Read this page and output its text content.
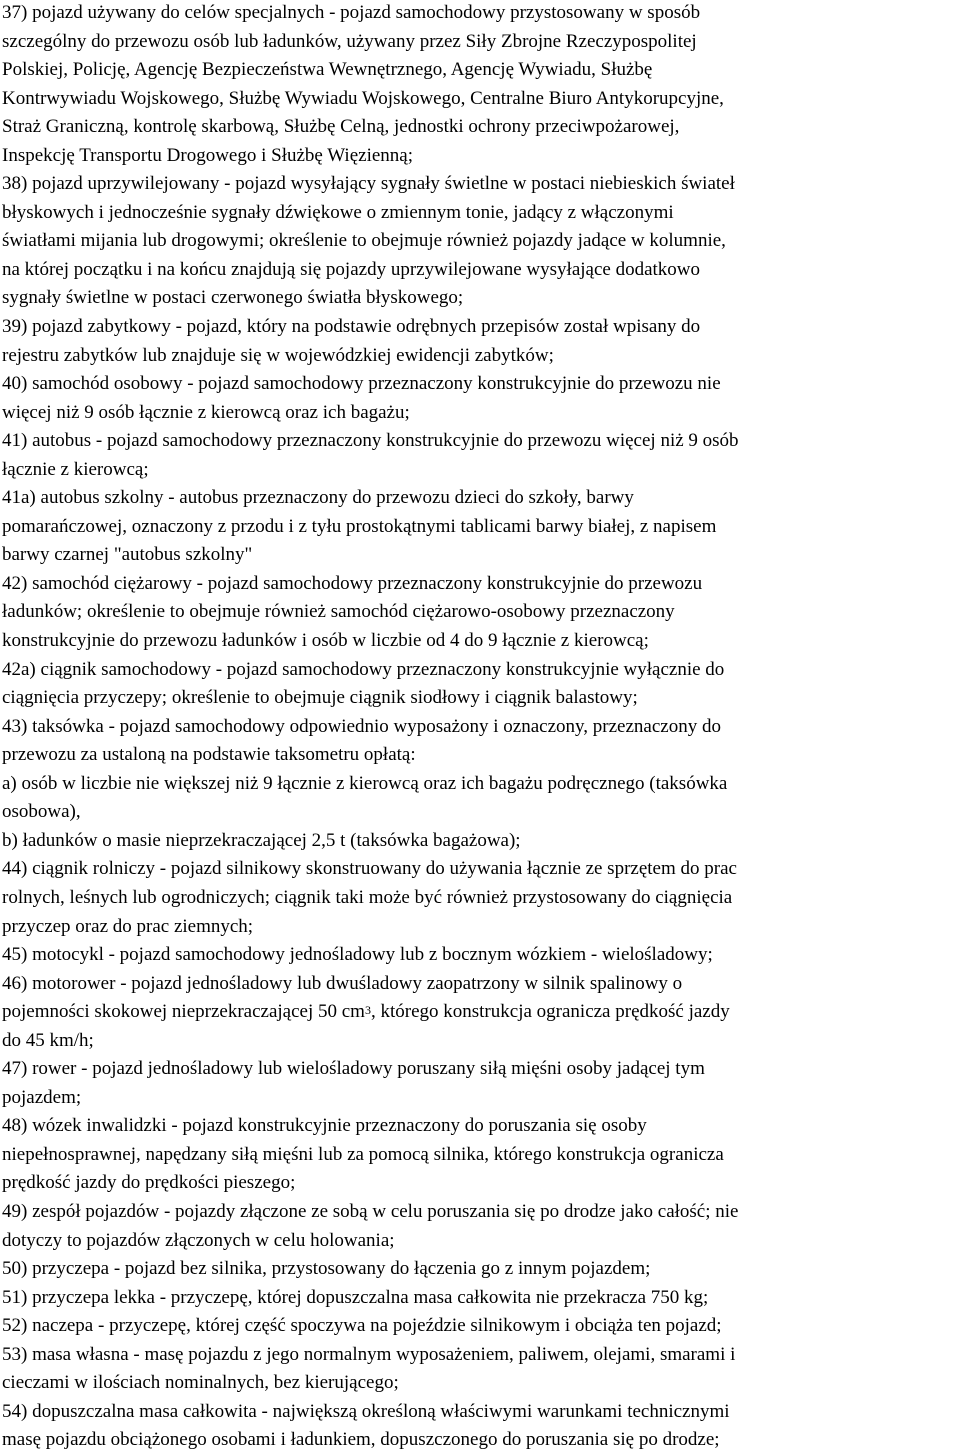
37) pojazd używany do celów specjalnych - pojazd samochodowy przystosowany w sposób
szczególny do przewozu osób lub ładunków, używany przez Siły Zbrojne Rzeczypospolitej
Polskiej, Policję, Agencję Bezpieczeństwa Wewnętrznego, Agencję Wywiadu, Służbę
Kontrwywiadu Wojskowego, Służbę Wywiadu Wojskowego, Centralne Biuro Antykorupcyjne,
Straż Graniczną, kontrolę skarbową, Służbę Celną, jednostki ochrony przeciwpożarowej,
Inspekcję Transportu Drogowego i Służbę Więzienną;
38) pojazd uprzywilejowany - pojazd wysyłający sygnały świetlne w postaci niebieskich świateł
błyskowych i jednocześnie sygnały dźwiękowe o zmiennym tonie, jadący z włączonymi
światłami mijania lub drogowymi; określenie to obejmuje również pojazdy jadące w kolumnie,
na której początku i na końcu znajdują się pojazdy uprzywilejowane wysyłające dodatkowo
sygnały świetlne w postaci czerwonego światła błyskowego;
39) pojazd zabytkowy - pojazd, który na podstawie odrębnych przepisów został wpisany do
rejestru zabytków lub znajduje się w wojewódzkiej ewidencji zabytków;
40) samochód osobowy - pojazd samochodowy przeznaczony konstrukcyjnie do przewozu nie
więcej niż 9 osób łącznie z kierowcą oraz ich bagażu;
41) autobus - pojazd samochodowy przeznaczony konstrukcyjnie do przewozu więcej niż 9 osób
łącznie z kierowcą;
41a) autobus szkolny - autobus przeznaczony do przewozu dzieci do szkoły, barwy
pomarańczowej, oznaczony z przodu i z tyłu prostokątnymi tablicami barwy białej, z napisem
barwy czarnej "autobus szkolny"
42) samochód ciężarowy - pojazd samochodowy przeznaczony konstrukcyjnie do przewozu
ładunków; określenie to obejmuje również samochód ciężarowo-osobowy przeznaczony
konstrukcyjnie do przewozu ładunków i osób w liczbie od 4 do 9 łącznie z kierowcą;
42a) ciągnik samochodowy - pojazd samochodowy przeznaczony konstrukcyjnie wyłącznie do
ciągnięcia przyczepy; określenie to obejmuje ciągnik siodłowy i ciągnik balastowy;
43) taksówka - pojazd samochodowy odpowiednio wyposażony i oznaczony, przeznaczony do
przewozu za ustaloną na podstawie taksometru opłatą:
a) osób w liczbie nie większej niż 9 łącznie z kierowcą oraz ich bagażu podręcznego (taksówka
osobowa),
b) ładunków o masie nieprzekraczającej 2,5 t (taksówka bagażowa);
44) ciągnik rolniczy - pojazd silnikowy skonstruowany do używania łącznie ze sprzętem do prac
rolnych, leśnych lub ogrodniczych; ciągnik taki może być również przystosowany do ciągnięcia
przyczep oraz do prac ziemnych;
45) motocykl - pojazd samochodowy jednośladowy lub z bocznym wózkiem - wielośladowy;
46) motorower - pojazd jednośladowy lub dwuśladowy zaopatrzony w silnik spalinowy o
pojemności skokowej nieprzekraczającej 50 $cm^3$, którego konstrukcja ogranicza prędkość jazdy
do 45 km/h;
47) rower - pojazd jednośladowy lub wielośladowy poruszany siłą mięśni osoby jadącej tym
pojazdem;
48) wózek inwalidzki - pojazd konstrukcyjnie przeznaczony do poruszania się osoby
niepełnosprawnej, napędzany siłą mięśni lub za pomocą silnika, którego konstrukcja ogranicza
prędkość jazdy do prędkości pieszego;
49) zespół pojazdów - pojazdy złączone ze sobą w celu poruszania się po drodze jako całość; nie
dotyczy to pojazdów złączonych w celu holowania;
50) przyczepa - pojazd bez silnika, przystosowany do łączenia go z innym pojazdem;
51) przyczepa lekka - przyczepę, której dopuszczalna masa całkowita nie przekracza 750 kg;
52) naczepa - przyczepę, której część spoczywa na pojeździe silnikowym i obciąża ten pojazd;
53) masa własna - masę pojazdu z jego normalnym wyposażeniem, paliwem, olejami, smarami i
cieczami w ilościach nominalnych, bez kierującego;
54) dopuszczalna masa całkowita - największą określoną właściwymi warunkami technicznymi
masę pojazdu obciążonego osobami i ładunkiem, dopuszczonego do poruszania się po drodze;
